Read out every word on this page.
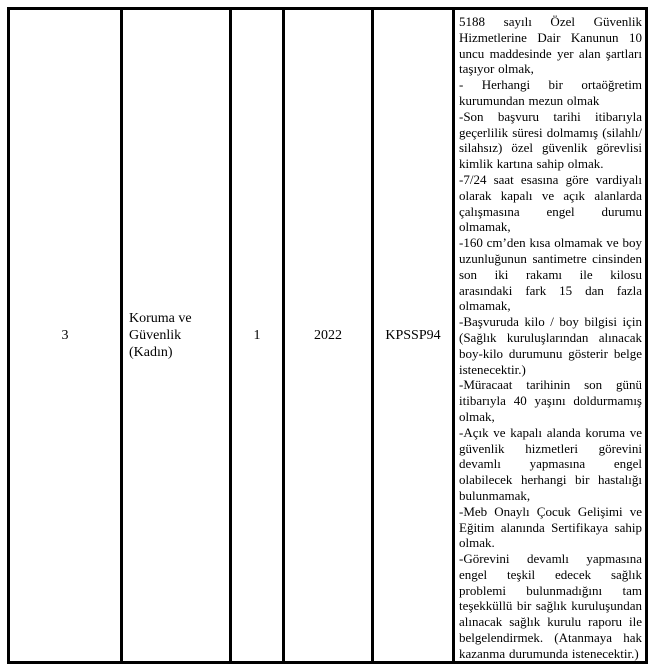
3
Koruma ve Güvenlik (Kadın)
1	2022	KPSSP94
5188 sayılı Özel Güvenlik Hizmetlerine Dair Kanunun 10 uncu maddesinde yer alan şartları taşıyor olmak,
- Herhangi bir ortaöğretim kurumundan mezun olmak
-Son başvuru tarihi itibarıyla geçerlilik süresi dolmamış (silahlı/ silahsız) özel güvenlik görevlisi kimlik kartına sahip olmak.
-7/24 saat esasına göre vardiyalı olarak kapalı ve açık alanlarda çalışmasına engel durumu olmamak,
-160 cm’den kısa olmamak ve boy uzunluğunun santimetre cinsinden son iki rakamı ile kilosu arasındaki fark 15 dan fazla olmamak,
-Başvuruda kilo / boy bilgisi için (Sağlık kuruluşlarından alınacak boy-kilo durumunu gösterir belge istenecektir.)
-Müracaat tarihinin son günü itibarıyla 40 yaşını doldurmamış olmak,
-Açık ve kapalı alanda koruma ve güvenlik hizmetleri görevini devamlı yapmasına engel olabilecek herhangi bir hastalığı bulunmamak,
-Meb Onaylı Çocuk Gelişimi ve Eğitim alanında Sertifikaya sahip olmak.
-Görevini devamlı yapmasına engel teşkil edecek sağlık problemi bulunmadığını tam teşekküllü bir sağlık kuruluşundan alınacak sağlık kurulu raporu ile belgelendirmek. (Atanmaya hak kazanma durumunda istenecektir.)
